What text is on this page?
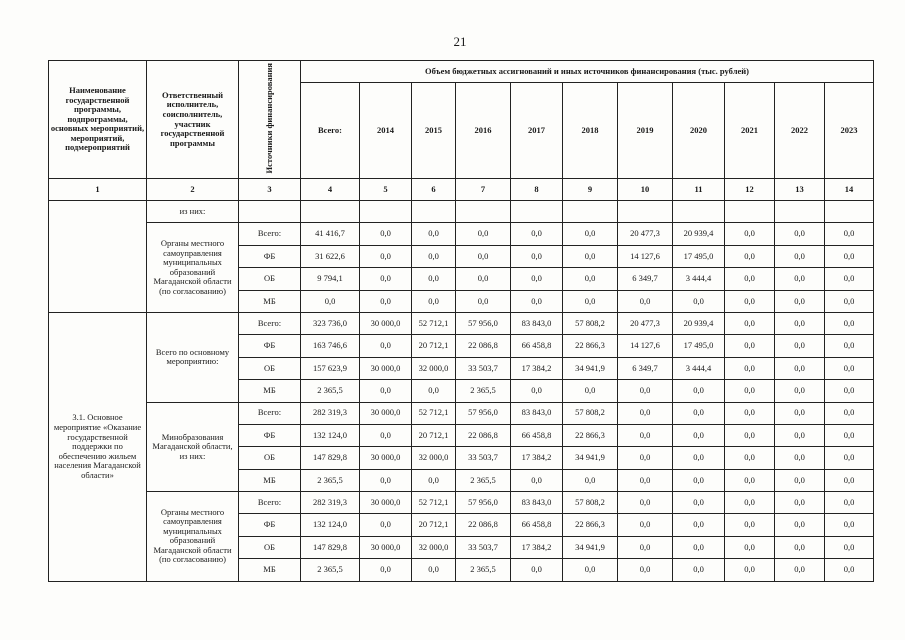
21
Наименование государственной программы, подпрограммы, основных мероприятий, мероприятий, подмероприятий	Ответственный исполнитель, соисполнитель, участник государственной программы	Источники финансирования	Объем бюджетных ассигнований и иных источников финансирования (тыс. рублей)										
			Всего:	2014	2015	2016	2017	2018	2019	2020	2021	2022	2023
1	2	3	4	5	6	7	8	9	10	11	12	13	14
	из них:												
	Органы местного самоуправления муниципальных образований Магаданской области (по согласованию)	Всего:	41 416,7	0,0	0,0	0,0	0,0	0,0	20 477,3	20 939,4	0,0	0,0	0,0
		ФБ	31 622,6	0,0	0,0	0,0	0,0	0,0	14 127,6	17 495,0	0,0	0,0	0,0
		ОБ	9 794,1	0,0	0,0	0,0	0,0	0,0	6 349,7	3 444,4	0,0	0,0	0,0
		МБ	0,0	0,0	0,0	0,0	0,0	0,0	0,0	0,0	0,0	0,0	0,0
3.1. Основное мероприятие «Оказание государственной поддержки по обеспечению жильем населения Магаданской области»	Всего по основному мероприятию:	Всего:	323 736,0	30 000,0	52 712,1	57 956,0	83 843,0	57 808,2	20 477,3	20 939,4	0,0	0,0	0,0
		ФБ	163 746,6	0,0	20 712,1	22 086,8	66 458,8	22 866,3	14 127,6	17 495,0	0,0	0,0	0,0
		ОБ	157 623,9	30 000,0	32 000,0	33 503,7	17 384,2	34 941,9	6 349,7	3 444,4	0,0	0,0	0,0
		МБ	2 365,5	0,0	0,0	2 365,5	0,0	0,0	0,0	0,0	0,0	0,0	0,0
	Минобразования Магаданской области, из них:	Всего:	282 319,3	30 000,0	52 712,1	57 956,0	83 843,0	57 808,2	0,0	0,0	0,0	0,0	0,0
		ФБ	132 124,0	0,0	20 712,1	22 086,8	66 458,8	22 866,3	0,0	0,0	0,0	0,0	0,0
		ОБ	147 829,8	30 000,0	32 000,0	33 503,7	17 384,2	34 941,9	0,0	0,0	0,0	0,0	0,0
		МБ	2 365,5	0,0	0,0	2 365,5	0,0	0,0	0,0	0,0	0,0	0,0	0,0
	Органы местного самоуправления муниципальных образований Магаданской области (по согласованию)	Всего:	282 319,3	30 000,0	52 712,1	57 956,0	83 843,0	57 808,2	0,0	0,0	0,0	0,0	0,0
		ФБ	132 124,0	0,0	20 712,1	22 086,8	66 458,8	22 866,3	0,0	0,0	0,0	0,0	0,0
		ОБ	147 829,8	30 000,0	32 000,0	33 503,7	17 384,2	34 941,9	0,0	0,0	0,0	0,0	0,0
		МБ	2 365,5	0,0	0,0	2 365,5	0,0	0,0	0,0	0,0	0,0	0,0	0,0
